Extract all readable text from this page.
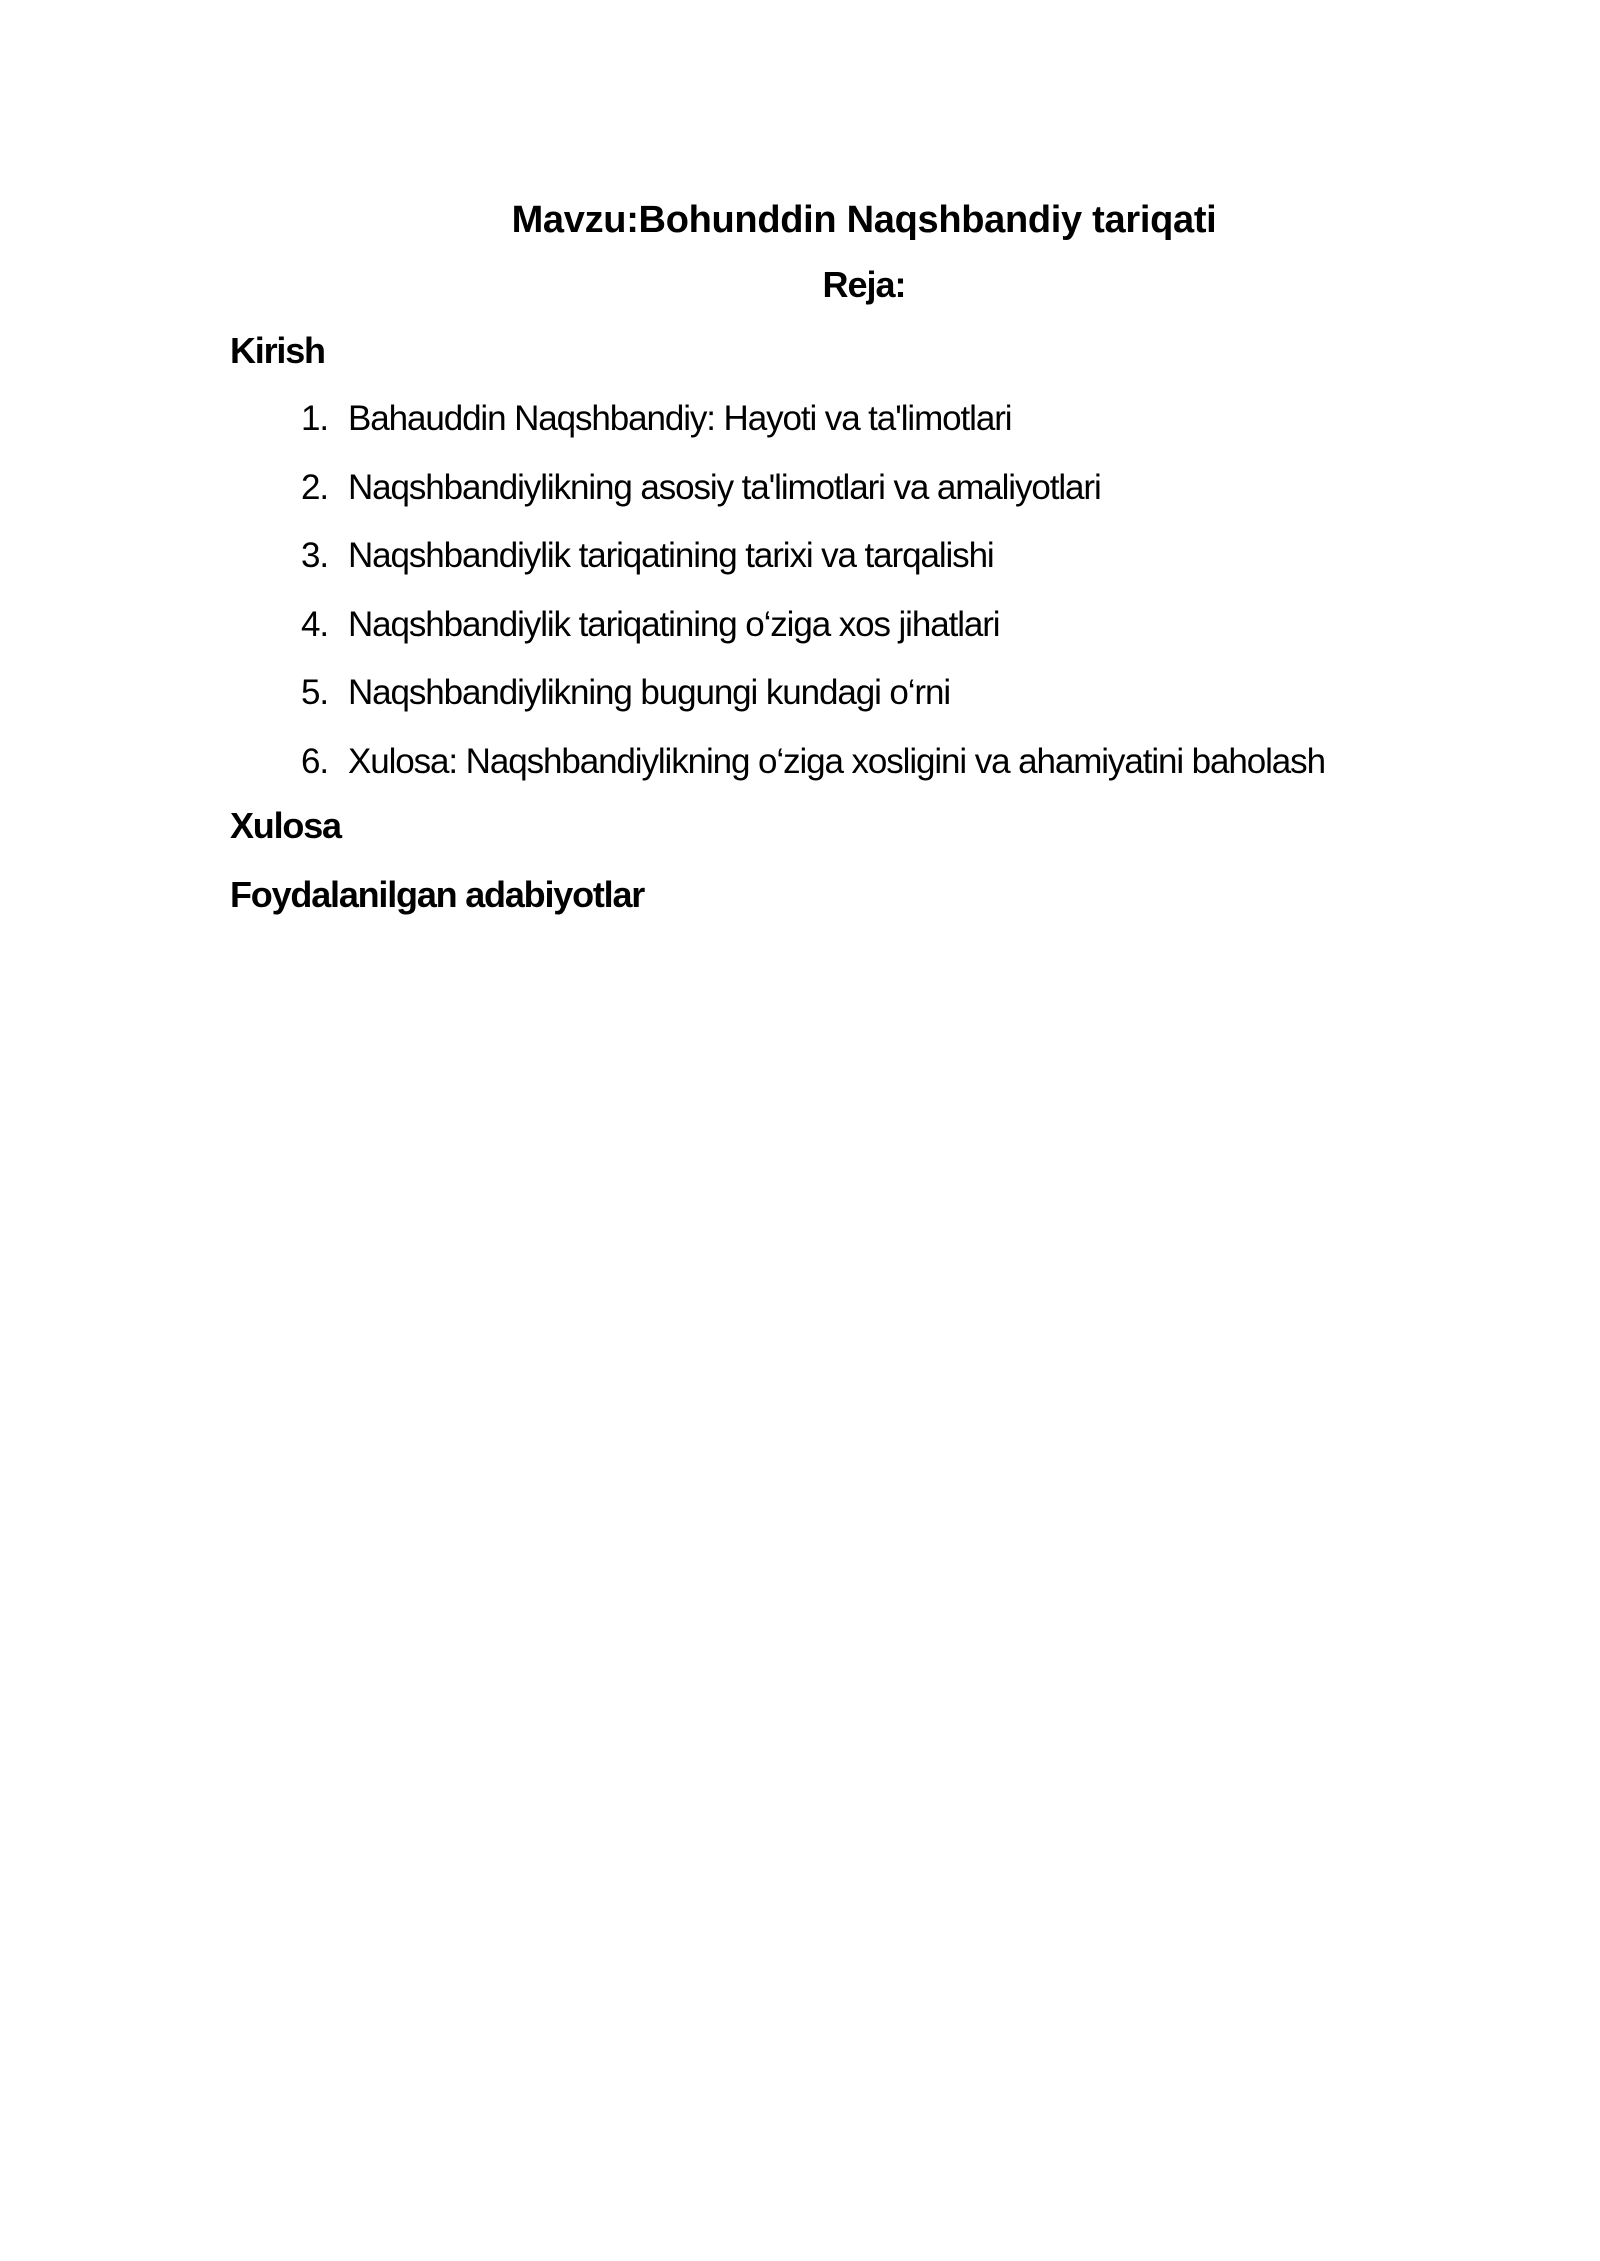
Mavzu:Bohunddin Naqshbandiy tariqati
Reja:
Kirish
1. Bahauddin Naqshbandiy: Hayoti va ta'limotlari
2. Naqshbandiylikning asosiy ta'limotlari va amaliyotlari
3. Naqshbandiylik tariqatining tarixi va tarqalishi
4. Naqshbandiylik tariqatining o‘ziga xos jihatlari
5. Naqshbandiylikning bugungi kundagi o‘rni
6. Xulosa: Naqshbandiylikning o‘ziga xosligini va ahamiyatini baholash
Xulosa
Foydalanilgan adabiyotlar
